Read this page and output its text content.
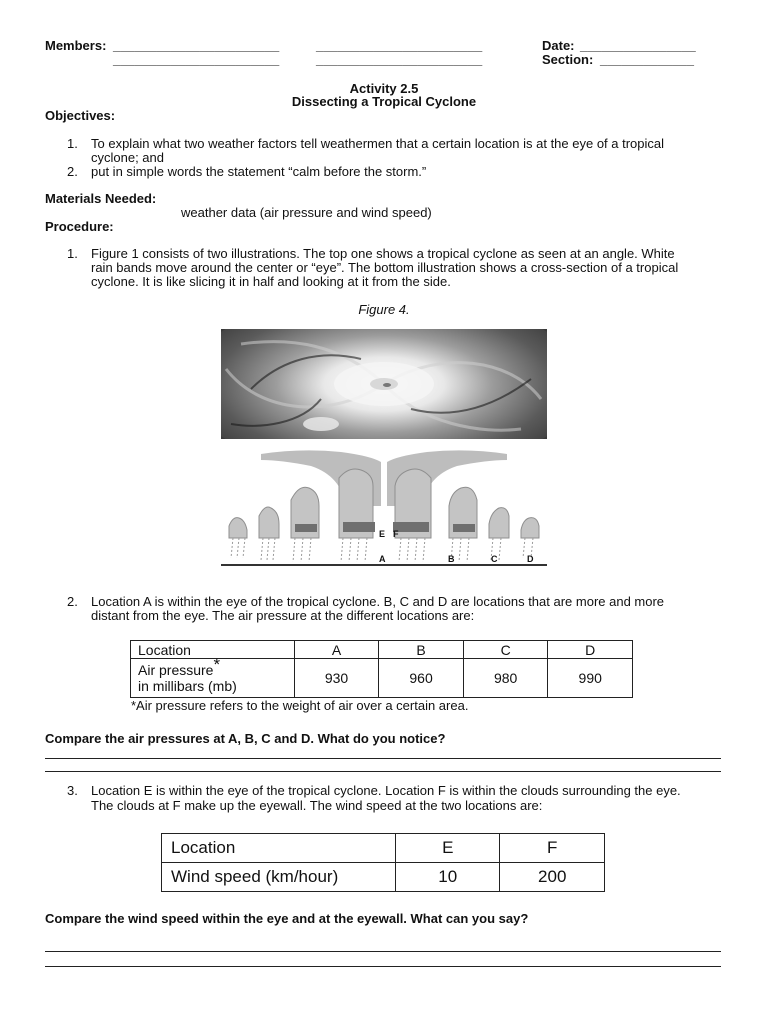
Members: _______________________	_______________________
_______________________	_______________________
Date: ________________
Section: _____________
Activity 2.5
Dissecting a Tropical Cyclone
Objectives:
1. To explain what two weather factors tell weathermen that a certain location is at the eye of a tropical
cyclone; and
2. put in simple words the statement “calm before the storm.”
Materials Needed:
weather data (air pressure and wind speed)
Procedure:
1. Figure 1 consists of two illustrations. The top one shows a tropical cyclone as seen at an angle. White
rain bands move around the center or “eye”. The bottom illustration shows a cross-section of a tropical
cyclone. It is like slicing it in half and looking at it from the side.
Figure 4.
E F
A	B	C	D
2. Location A is within the eye of the tropical cyclone. B, C and D are locations that are more and more
distant from the eye. The air pressure at the different locations are:
Location	A	B	C	D
Air pressure*
in millibars (mb)	930	960	980	990
*Air pressure refers to the weight of air over a certain area.
Compare the air pressures at A, B, C and D. What do you notice?
3. Location E is within the eye of the tropical cyclone. Location F is within the clouds surrounding the eye.
The clouds at F make up the eyewall. The wind speed at the two locations are:
Location	E	F
Wind speed (km/hour)	10	200
Compare the wind speed within the eye and at the eyewall. What can you say?
